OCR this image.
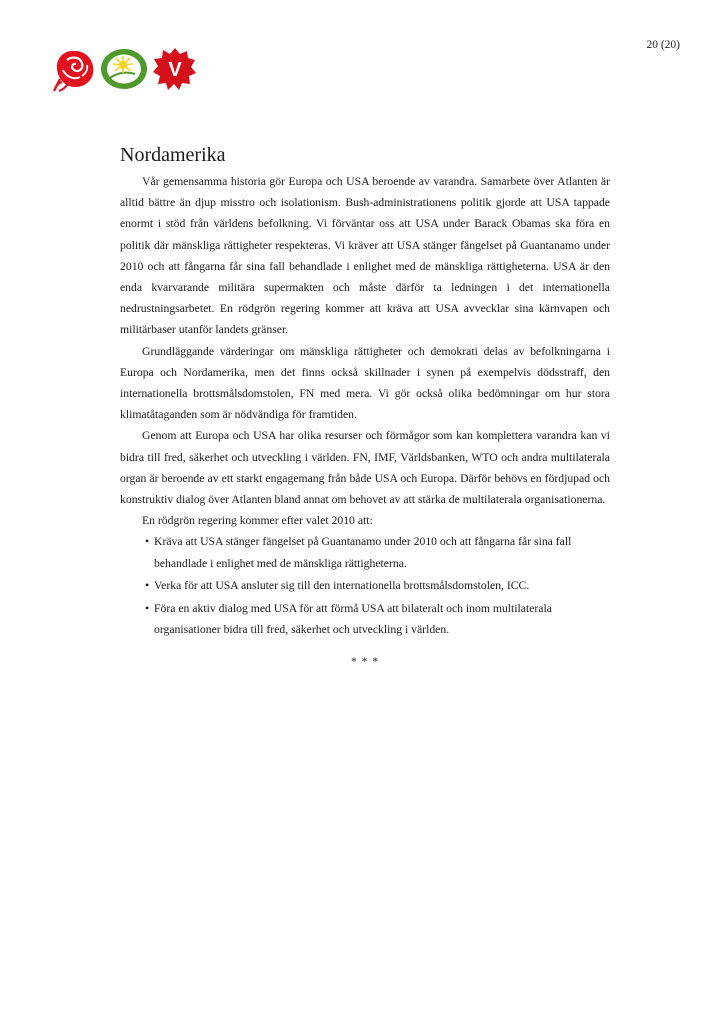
20 (20)
V
Nordamerika

Vår gemensamma historia gör Europa och USA beroende av varandra. Samarbete över Atlanten är alltid bättre än djup misstro och isolationism. Bush-administrationens politik gjorde att USA tappade enormt i stöd från världens befolkning. Vi förväntar oss att USA under Barack Obamas ska föra en politik där mänskliga rättigheter respekteras. Vi kräver att USA stänger fängelset på Guantanamo under 2010 och att fångarna får sina fall behandlade i enlighet med de mänskliga rättigheterna. USA är den enda kvarvarande militära supermakten och måste därför ta ledningen i det internationella nedrustningsarbetet. En rödgrön regering kommer att kräva att USA avvecklar sina kärnvapen och militärbaser utanför landets gränser.

Grundläggande värderingar om mänskliga rättigheter och demokrati delas av befolkningarna i Europa och Nordamerika, men det finns också skillnader i synen på exempelvis dödsstraff, den internationella brottsmålsdomstolen, FN med mera. Vi gör också olika bedömningar om hur stora klimatåtaganden som är nödvändiga för framtiden.

Genom att Europa och USA har olika resurser och förmågor som kan komplettera varandra kan vi bidra till fred, säkerhet och utveckling i världen. FN, IMF, Världsbanken, WTO och andra multilaterala organ är beroende av ett starkt engagemang från både USA och Europa. Därför behövs en fördjupad och konstruktiv dialog över Atlanten bland annat om behovet av att stärka de multilaterala organisationerna.

En rödgrön regering kommer efter valet 2010 att:

• Kräva att USA stänger fängelset på Guantanamo under 2010 och att fångarna får sina fall behandlade i enlighet med de mänskliga rättigheterna.
• Verka för att USA ansluter sig till den internationella brottsmålsdomstolen, ICC.
• Föra en aktiv dialog med USA för att förmå USA att bilateralt och inom multilaterala organisationer bidra till fred, säkerhet och utveckling i världen.
* * *
